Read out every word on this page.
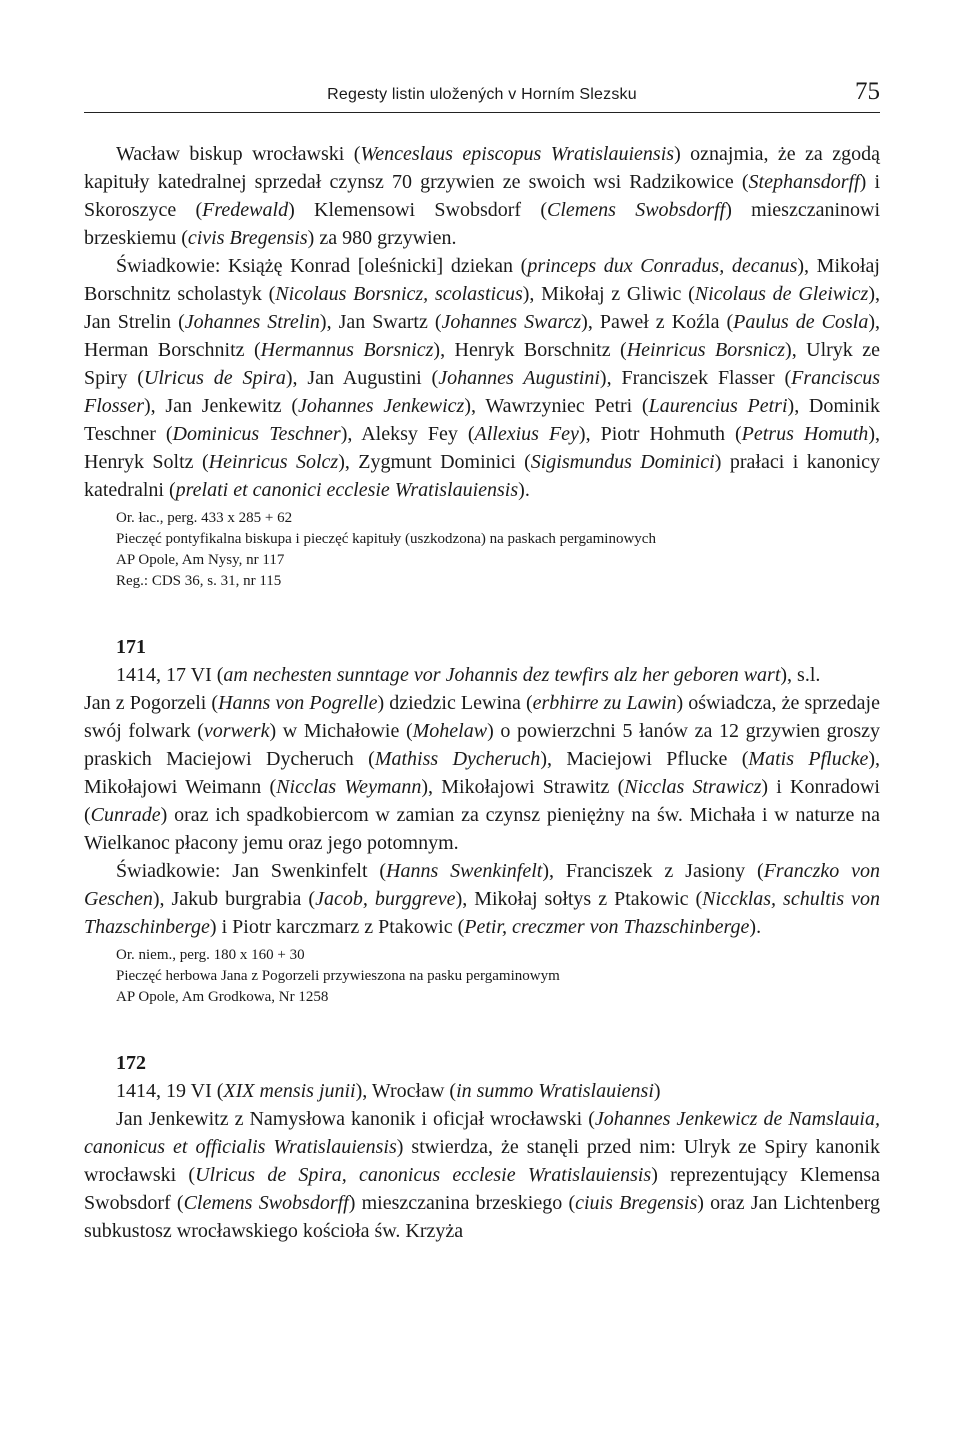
Regesty listin uložených v Horním Slezsku	75

Wacław biskup wrocławski (Wenceslaus episcopus Wratislauiensis) oznajmia, że za zgodą kapituły katedralnej sprzedał czynsz 70 grzywien ze swoich wsi Radzikowice (Stephansdorff) i Skoroszyce (Fredewald) Klemensowi Swobsdorf (Clemens Swobsdorff) mieszczaninowi brzeskiemu (civis Bregensis) za 980 grzywien.

Świadkowie: Książę Konrad [oleśnicki] dziekan (princeps dux Conradus, decanus), Mikołaj Borschnitz scholastyk (Nicolaus Borsnicz, scolasticus), Mikołaj z Gliwic (Nicolaus de Gleiwicz), Jan Strelin (Johannes Strelin), Jan Swartz (Johannes Swarcz), Paweł z Koźla (Paulus de Cosla), Herman Borschnitz (Hermannus Borsnicz), Henryk Borschnitz (Heinricus Borsnicz), Ulryk ze Spiry (Ulricus de Spira), Jan Augustini (Johannes Augustini), Franciszek Flasser (Franciscus Flosser), Jan Jenkewitz (Johannes Jenkewicz), Wawrzyniec Petri (Laurencius Petri), Dominik Teschner (Dominicus Teschner), Aleksy Fey (Allexius Fey), Piotr Hohmuth (Petrus Homuth), Henryk Soltz (Heinricus Solcz), Zygmunt Dominici (Sigismundus Dominici) prałaci i kanonicy katedralni (prelati et canonici ecclesie Wratislauiensis).

Or. łac., perg. 433 x 285 + 62
Pieczęć pontyfikalna biskupa i pieczęć kapituły (uszkodzona) na paskach pergaminowych
AP Opole, Am Nysy, nr 117
Reg.: CDS 36, s. 31, nr 115
171

1414, 17 VI (am nechesten sunntage vor Johannis dez tewfirs alz her geboren wart), s.l.

Jan z Pogorzeli (Hanns von Pogrelle) dziedzic Lewina (erbhirre zu Lawin) oświadcza, że sprzedaje swój folwark (vorwerk) w Michałowie (Mohelaw) o powierzchni 5 łanów za 12 grzywien groszy praskich Maciejowi Dycheruch (Mathiss Dycheruch), Maciejowi Pflucke (Matis Pflucke), Mikołajowi Weimann (Nicclas Weymann), Mikołajowi Strawitz (Nicclas Strawicz) i Konradowi (Cunrade) oraz ich spadkobiercom w zamian za czynsz pieniężny na św. Michała i w naturze na Wielkanoc płacony jemu oraz jego potomnym.

Świadkowie: Jan Swenkinfelt (Hanns Swenkinfelt), Franciszek z Jasiony (Franczko von Geschen), Jakub burgrabia (Jacob, burggreve), Mikołaj sołtys z Ptakowic (Niccklas, schultis von Thazschinberge) i Piotr karczmarz z Ptakowic (Petir, creczmer von Thazschinberge).

Or. niem., perg. 180 x 160 + 30
Pieczęć herbowa Jana z Pogorzeli przywieszona na pasku pergaminowym
AP Opole, Am Grodkowa, Nr 1258
172

1414, 19 VI (XIX mensis junii), Wrocław (in summo Wratislauiensi)

Jan Jenkewitz z Namysłowa kanonik i oficjał wrocławski (Johannes Jenkewicz de Namslauia, canonicus et officialis Wratislauiensis) stwierdza, że stanęli przed nim: Ulryk ze Spiry kanonik wrocławski (Ulricus de Spira, canonicus ecclesie Wratislauiensis) reprezentujący Klemensa Swobsdorf (Clemens Swobsdorff) mieszczanina brzeskiego (ciuis Bregensis) oraz Jan Lichtenberg subkustosz wrocławskiego kościoła św. Krzyża
